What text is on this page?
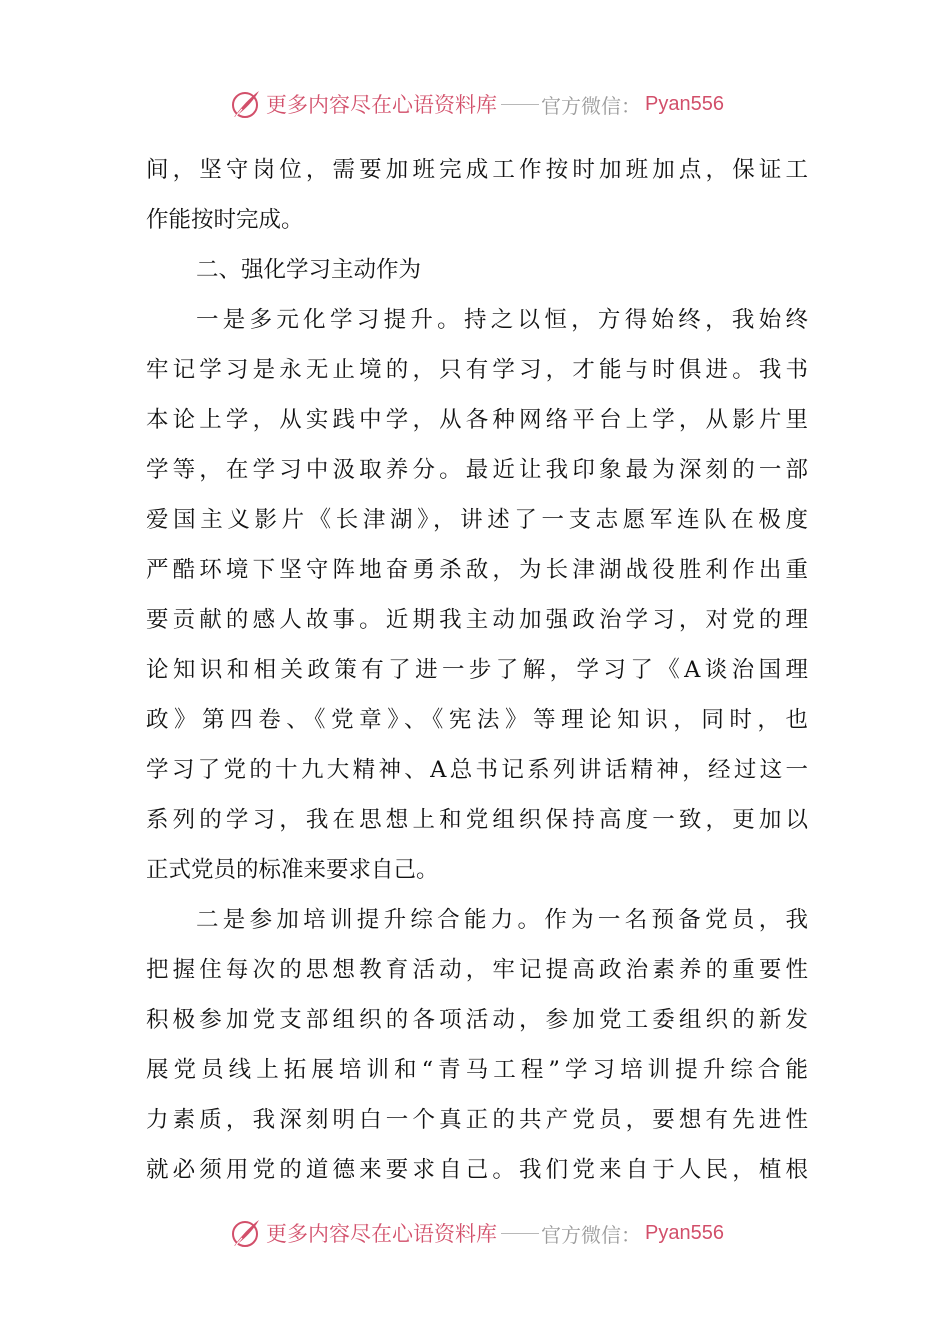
更多内容尽在心语资料库 官方微信： Pyan556
间，坚守岗位，需要加班完成工作按时加班加点，保证工
作能按时完成。
二、强化学习主动作为
一是多元化学习提升。持之以恒，方得始终，我始终
牢记学习是永无止境的，只有学习，才能与时俱进。我书
本论上学，从实践中学，从各种网络平台上学，从影片里
学等，在学习中汲取养分。最近让我印象最为深刻的一部
爱国主义影片《长津湖》，讲述了一支志愿军连队在极度
严酷环境下坚守阵地奋勇杀敌，为长津湖战役胜利作出重
要贡献的感人故事。近期我主动加强政治学习，对党的理
论知识和相关政策有了进一步了解，学习了《A谈治国理
政》第四卷、《党章》、《宪法》等理论知识，同时，也
学习了党的十九大精神、A总书记系列讲话精神，经过这一
系列的学习，我在思想上和党组织保持高度一致，更加以
正式党员的标准来要求自己。
二是参加培训提升综合能力。作为一名预备党员，我
把握住每次的思想教育活动，牢记提高政治素养的重要性
积极参加党支部组织的各项活动，参加党工委组织的新发
展党员线上拓展培训和“青马工程”学习培训提升综合能
力素质，我深刻明白一个真正的共产党员，要想有先进性
就必须用党的道德来要求自己。我们党来自于人民，植根
更多内容尽在心语资料库 官方微信： Pyan556
